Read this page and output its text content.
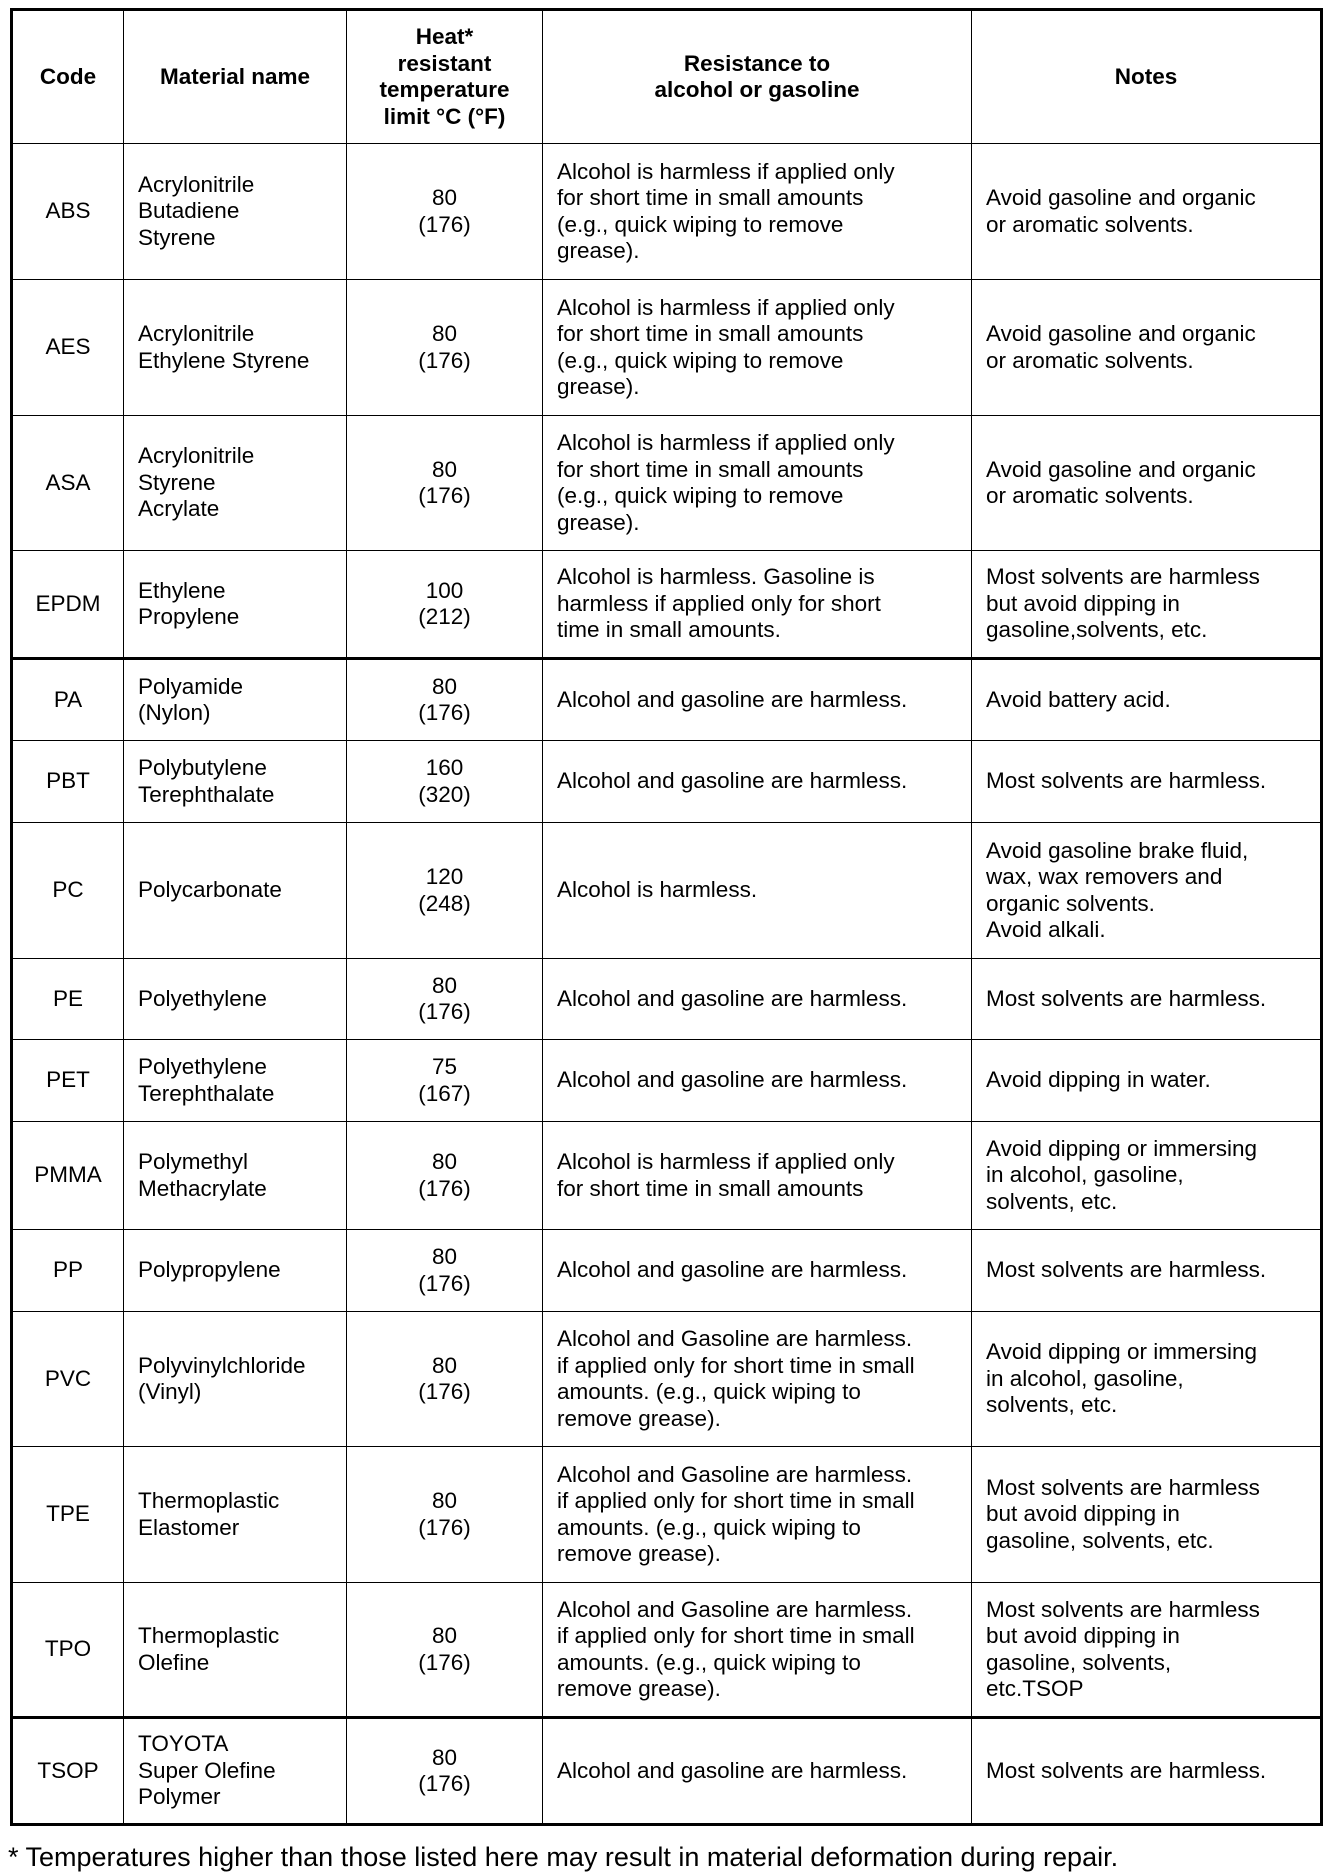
Code	Material name	Heat*
resistant
temperature
limit °C (°F)	Resistance to
alcohol or gasoline	Notes
ABS	Acrylonitrile
Butadiene
Styrene	80
(176)	Alcohol is harmless if applied only
for short time in small amounts
(e.g., quick wiping to remove
grease).	Avoid gasoline and organic
or aromatic solvents.
AES	Acrylonitrile
Ethylene Styrene	80
(176)	Alcohol is harmless if applied only
for short time in small amounts
(e.g., quick wiping to remove
grease).	Avoid gasoline and organic
or aromatic solvents.
ASA	Acrylonitrile
Styrene
Acrylate	80
(176)	Alcohol is harmless if applied only
for short time in small amounts
(e.g., quick wiping to remove
grease).	Avoid gasoline and organic
or aromatic solvents.
EPDM	Ethylene
Propylene	100
(212)	Alcohol is harmless. Gasoline is
harmless if applied only for short
time in small amounts.	Most solvents are harmless
but avoid dipping in
gasoline,solvents, etc.
PA	Polyamide
(Nylon)	80
(176)	Alcohol and gasoline are harmless.	Avoid battery acid.
PBT	Polybutylene
Terephthalate	160
(320)	Alcohol and gasoline are harmless.	Most solvents are harmless.
PC	Polycarbonate	120
(248)	Alcohol is harmless.	Avoid gasoline brake fluid,
wax, wax removers and
organic solvents.
Avoid alkali.
PE	Polyethylene	80
(176)	Alcohol and gasoline are harmless.	Most solvents are harmless.
PET	Polyethylene
Terephthalate	75
(167)	Alcohol and gasoline are harmless.	Avoid dipping in water.
PMMA	Polymethyl
Methacrylate	80
(176)	Alcohol is harmless if applied only
for short time in small amounts	Avoid dipping or immersing
in alcohol, gasoline,
solvents, etc.
PP	Polypropylene	80
(176)	Alcohol and gasoline are harmless.	Most solvents are harmless.
PVC	Polyvinylchloride
(Vinyl)	80
(176)	Alcohol and Gasoline are harmless.
if applied only for short time in small
amounts. (e.g., quick wiping to
remove grease).	Avoid dipping or immersing
in alcohol, gasoline,
solvents, etc.
TPE	Thermoplastic
Elastomer	80
(176)	Alcohol and Gasoline are harmless.
if applied only for short time in small
amounts. (e.g., quick wiping to
remove grease).	Most solvents are harmless
but avoid dipping in
gasoline, solvents, etc.
TPO	Thermoplastic
Olefine	80
(176)	Alcohol and Gasoline are harmless.
if applied only for short time in small
amounts. (e.g., quick wiping to
remove grease).	Most solvents are harmless
but avoid dipping in
gasoline, solvents,
etc.TSOP
TSOP	TOYOTA
Super Olefine
Polymer	80
(176)	Alcohol and gasoline are harmless.	Most solvents are harmless.
* Temperatures higher than those listed here may result in material deformation during repair.
